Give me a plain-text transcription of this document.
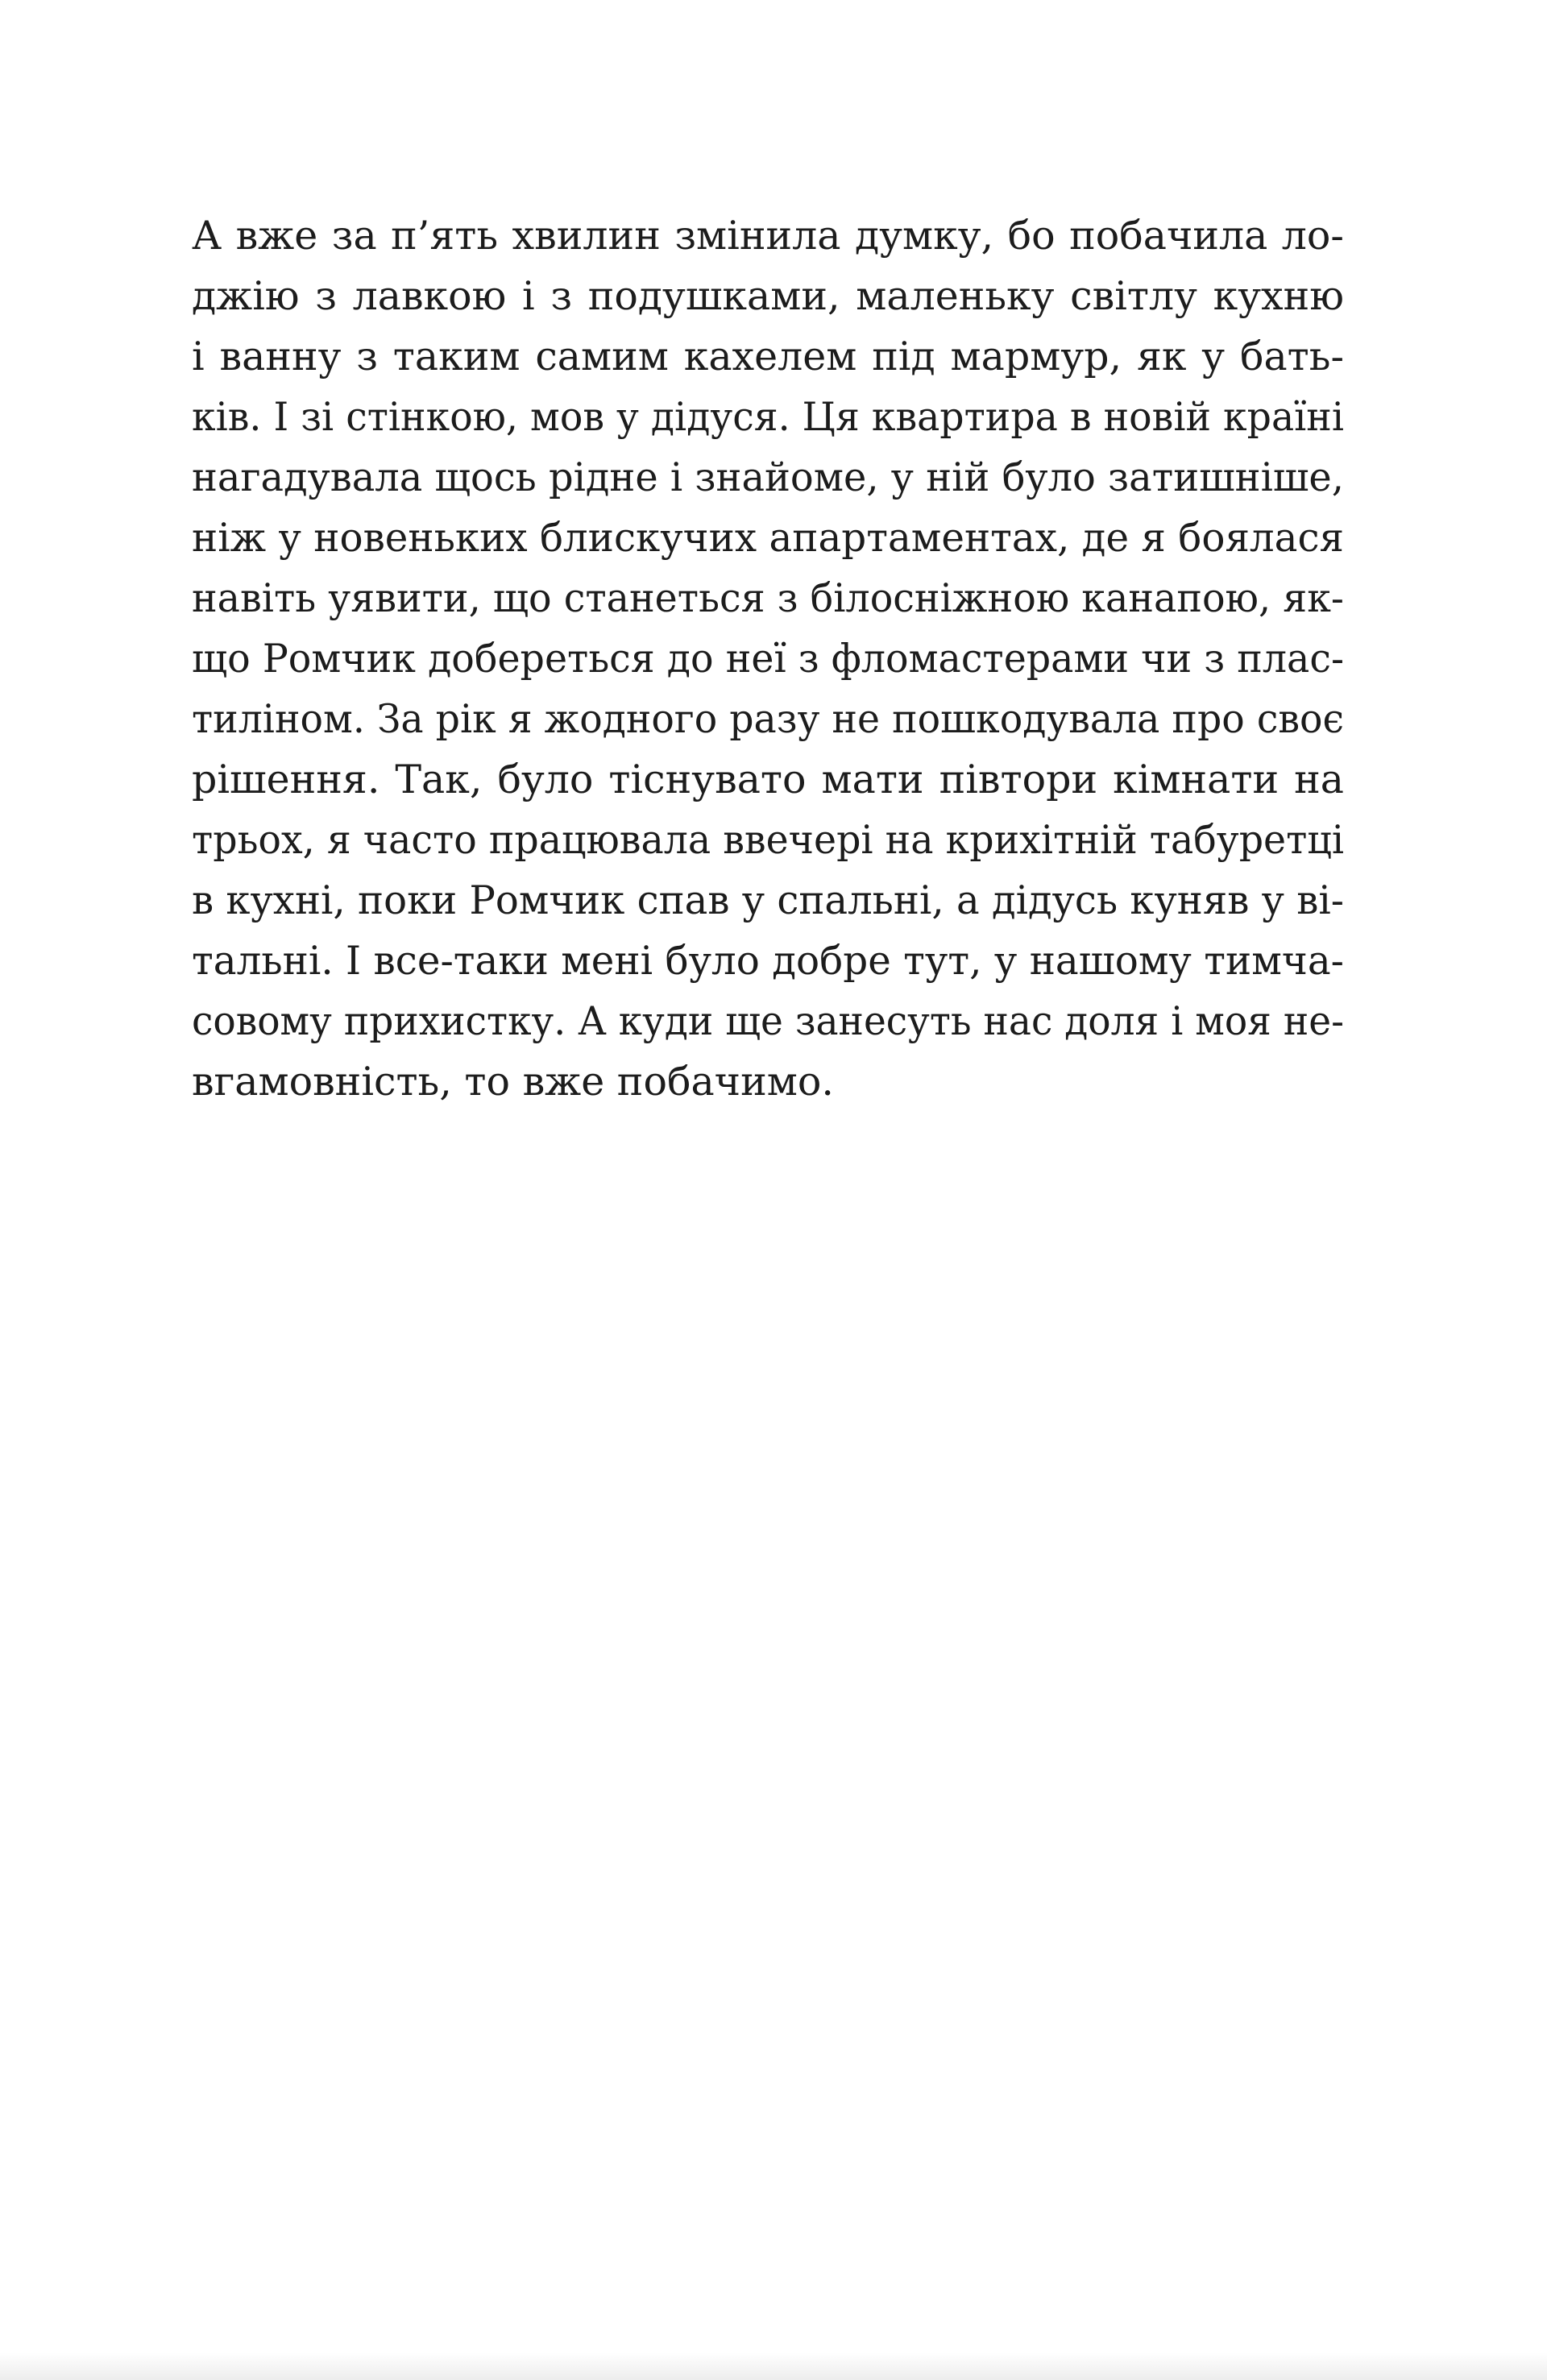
А вже за п’ять хвилин змінила думку, бо побачила ло-
джію з лавкою і з подушками, маленьку світлу кухню
і ванну з таким самим кахелем під мармур, як у бать-
ків. І зі стінкою, мов у дідуся. Ця квартира в новій країні
нагадувала щось рідне і знайоме, у ній було затишніше,
ніж у новеньких блискучих апартаментах, де я боялася
навіть уявити, що станеться з білосніжною канапою, як-
що Ромчик добереться до неї з фломастерами чи з плас-
тиліном. За рік я жодного разу не пошкодувала про своє
рішення. Так, було тіснувато мати півтори кімнати на
трьох, я часто працювала ввечері на крихітній табуретці
в кухні, поки Ромчик спав у спальні, а дідусь куняв у ві-
тальні. І все-таки мені було добре тут, у нашому тимча-
совому прихистку. А куди ще занесуть нас доля і моя не-
вгамовність, то вже побачимо.
